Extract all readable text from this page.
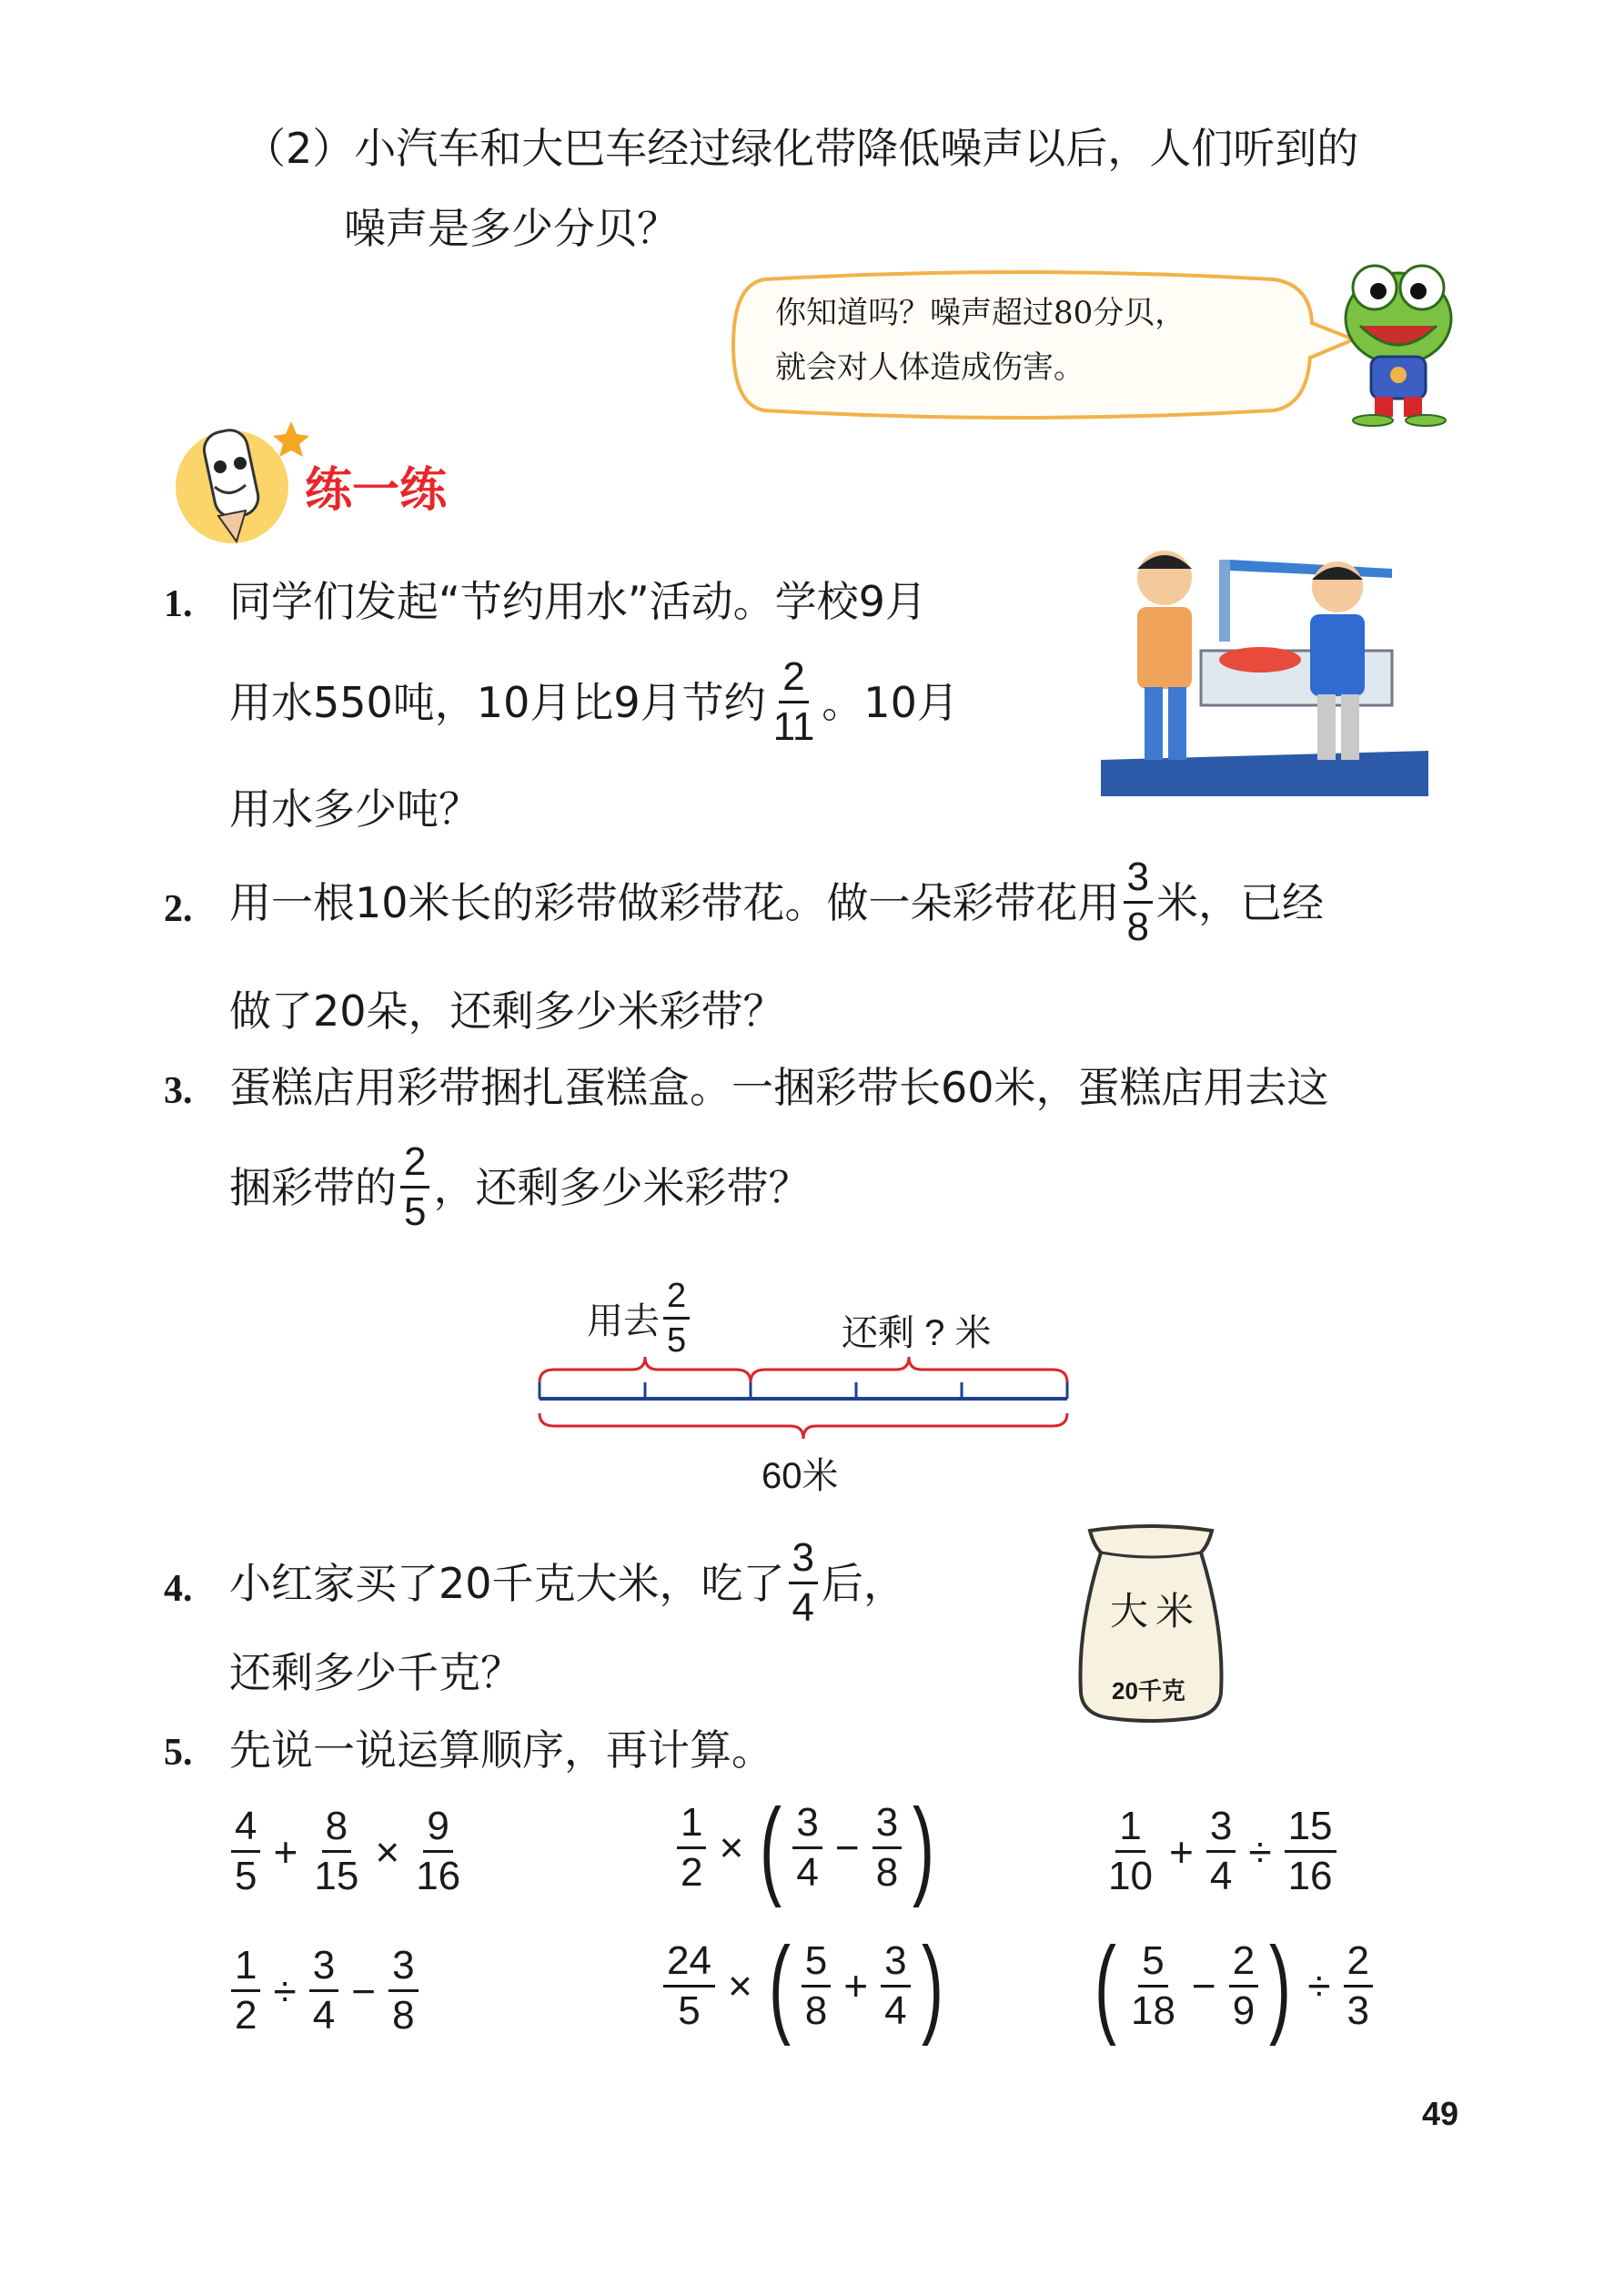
（2）小汽车和大巴车经过绿化带降低噪声以后，人们听到的
噪声是多少分贝？
你知道吗？噪声超过80分贝，
就会对人体造成伤害。
练一练
1. 同学们发起“节约用水”活动。学校9月
用水550吨，10月比9月节约 $\frac{2}{11}$ 。10月
用水多少吨？
2. 用一根10米长的彩带做彩带花。做一朵彩带花用 $\frac{3}{8}$ 米，已经
做了20朵，还剩多少米彩带？
3. 蛋糕店用彩带捆扎蛋糕盒。一捆彩带长60米，蛋糕店用去这
捆彩带的 $\frac{2}{5}$ ，还剩多少米彩带？
用去 $\frac{2}{5}$	还剩 ? 米
60米
4. 小红家买了20千克大米，吃了 $\frac{3}{4}$ 后，
还剩多少千克？
大米
20千克
5. 先说一说运算顺序，再计算。
$\frac{4}{5} + \frac{8}{15} \times \frac{9}{16}$	$\frac{1}{2}$ × ( $\frac{3}{4} - \frac{3}{8}$ )	$\frac{1}{10} + \frac{3}{4} \div \frac{15}{16}$
$\frac{1}{2} \div \frac{3}{4} - \frac{3}{8}$	$\frac{24}{5}$ × ( $\frac{5}{8} + \frac{3}{4}$ ) ( $\frac{5}{18} - \frac{2}{9}$ ) ÷ $\frac{2}{3}$
49
